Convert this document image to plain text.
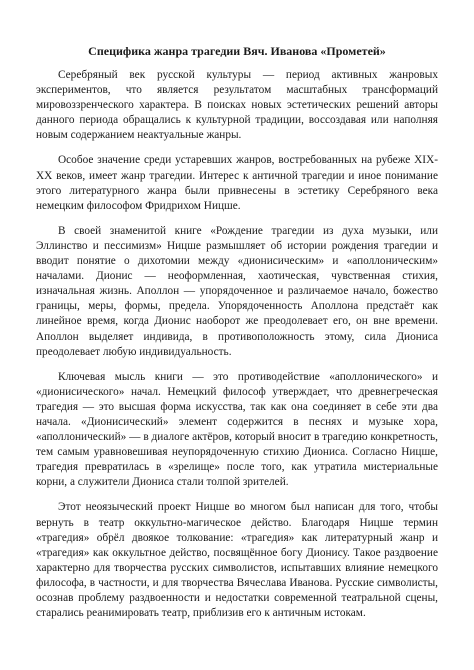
Специфика жанра трагедии Вяч. Иванова «Прометей»

Серебряный век русской культуры — период активных жанровых экспериментов, что является результатом масштабных трансформаций мировоззренческого характера. В поисках новых эстетических решений авторы данного периода обращались к культурной традиции, воссоздавая или наполняя новым содержанием неактуальные жанры.

Особое значение среди устаревших жанров, востребованных на рубеже XIX-XX веков, имеет жанр трагедии. Интерес к античной трагедии и иное понимание этого литературного жанра были привнесены в эстетику Серебряного века немецким философом Фридрихом Ницше.

В своей знаменитой книге «Рождение трагедии из духа музыки, или Эллинство и пессимизм» Ницше размышляет об истории рождения трагедии и вводит понятие о дихотомии между «дионисическим» и «аполлоническим» началами. Дионис — неоформленная, хаотическая, чувственная стихия, изначальная жизнь. Аполлон — упорядоченное и различаемое начало, божество границы, меры, формы, предела. Упорядоченность Аполлона предстаёт как линейное время, когда Дионис наоборот же преодолевает его, он вне времени. Аполлон выделяет индивида, в противоположность этому, сила Диониса преодолевает любую индивидуальность.

Ключевая мысль книги — это противодействие «аполлонического» и «дионисического» начал. Немецкий философ утверждает, что древнегреческая трагедия — это высшая форма искусства, так как она соединяет в себе эти два начала. «Дионисический» элемент содержится в песнях и музыке хора, «аполлонический» — в диалоге актёров, который вносит в трагедию конкретность, тем самым уравновешивая неупорядоченную стихию Диониса. Согласно Ницше, трагедия превратилась в «зрелище» после того, как утратила мистериальные корни, а служители Диониса стали толпой зрителей.

Этот неоязыческий проект Ницше во многом был написан для того, чтобы вернуть в театр оккультно-магическое действо. Благодаря Ницше термин «трагедия» обрёл двоякое толкование: «трагедия» как литературный жанр и «трагедия» как оккультное действо, посвящённое богу Дионису. Такое раздвоение характерно для творчества русских символистов, испытавших влияние немецкого философа, в частности, и для творчества Вячеслава Иванова. Русские символисты, осознав проблему раздвоенности и недостатки современной театральной сцены, старались реанимировать театр, приблизив его к античным истокам.
